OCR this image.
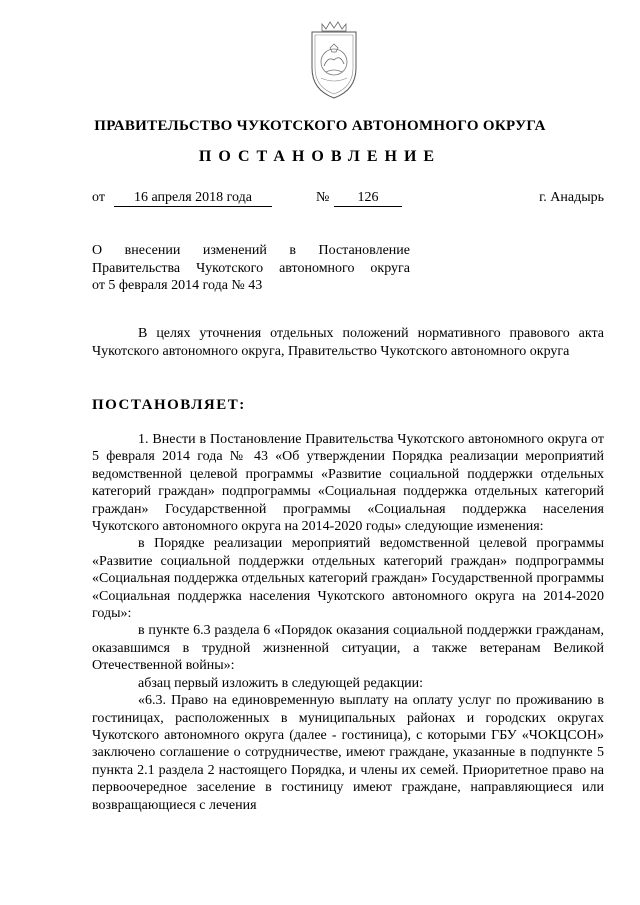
ПРАВИТЕЛЬСТВО ЧУКОТСКОГО АВТОНОМНОГО ОКРУГА
ПОСТАНОВЛЕНИЕ
от	16 апреля 2018 года	№	126	г. Анадырь
О внесении изменений в Постановление
Правительства Чукотского автономного округа
от 5 февраля 2014 года № 43
В целях уточнения отдельных положений нормативного правового акта Чукотского автономного округа, Правительство Чукотского автономного округа
ПОСТАНОВЛЯЕТ:

1. Внести в Постановление Правительства Чукотского автономного округа от 5 февраля 2014 года № 43 «Об утверждении Порядка реализации мероприятий ведомственной целевой программы «Развитие социальной поддержки отдельных категорий граждан» подпрограммы «Социальная поддержка отдельных категорий граждан» Государственной программы «Социальная поддержка населения Чукотского автономного округа на 2014-2020 годы» следующие изменения:

в Порядке реализации мероприятий ведомственной целевой программы «Развитие социальной поддержки отдельных категорий граждан» подпрограммы «Социальная поддержка отдельных категорий граждан» Государственной программы «Социальная поддержка населения Чукотского автономного округа на 2014-2020 годы»:

в пункте 6.3 раздела 6 «Порядок оказания социальной поддержки гражданам, оказавшимся в трудной жизненной ситуации, а также ветеранам Великой Отечественной войны»:

абзац первый изложить в следующей редакции:

«6.3. Право на единовременную выплату на оплату услуг по проживанию в гостиницах, расположенных в муниципальных районах и городских округах Чукотского автономного округа (далее - гостиница), с которыми ГБУ «ЧОКЦСОН» заключено соглашение о сотрудничестве, имеют граждане, указанные в подпункте 5 пункта 2.1 раздела 2 настоящего Порядка, и члены их семей. Приоритетное право на первоочередное заселение в гостиницу имеют граждане, направляющиеся или возвращающиеся с лечения
